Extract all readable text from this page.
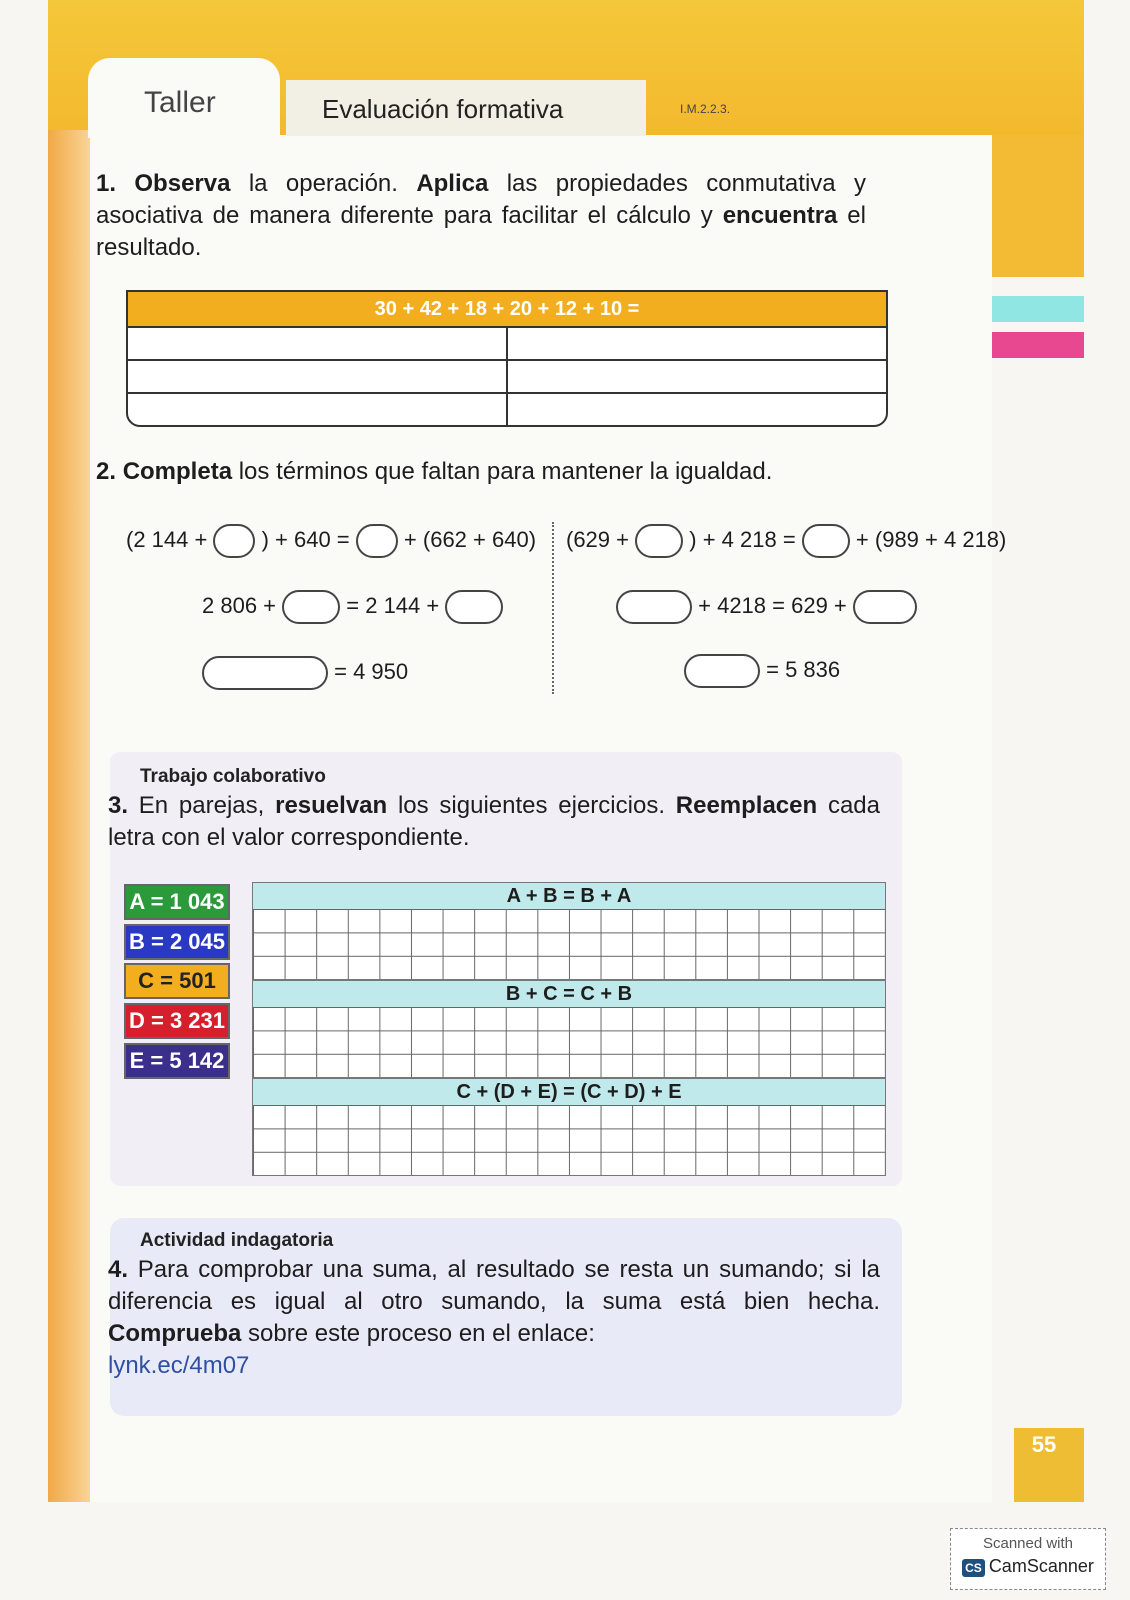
Taller	Evaluación formativa	I.M.2.2.3.
1. Observa la operación. Aplica las propiedades conmutativa y asociativa de manera diferente para facilitar el cálculo y encuentra el resultado.
30 + 42 + 18 + 20 + 12 + 10 =
2. Completa los términos que faltan para mantener la igualdad.
(2 144 + ) + 640 = + (662 + 640)
2 806 +	= 2 144 +
= 4 950
(629 +	) + 4 218 =	+ (989 + 4 218)
+ 4218 = 629 +
= 5 836
Trabajo colaborativo
3. En parejas, resuelvan los siguientes ejercicios. Reemplacen cada letra con el valor correspondiente.
A = 1 043
B = 2 045
C = 501
D = 3 231
E = 5 142
A + B = B + A
B + C = C + B
C + (D + E) = (C + D) + E
Actividad indagatoria
4. Para comprobar una suma, al resultado se resta un sumando; si la diferencia es igual al otro sumando, la suma está bien hecha. Comprueba sobre este proceso en el enlace:
lynk.ec/4m07
55
Scanned with
CS CamScanner
